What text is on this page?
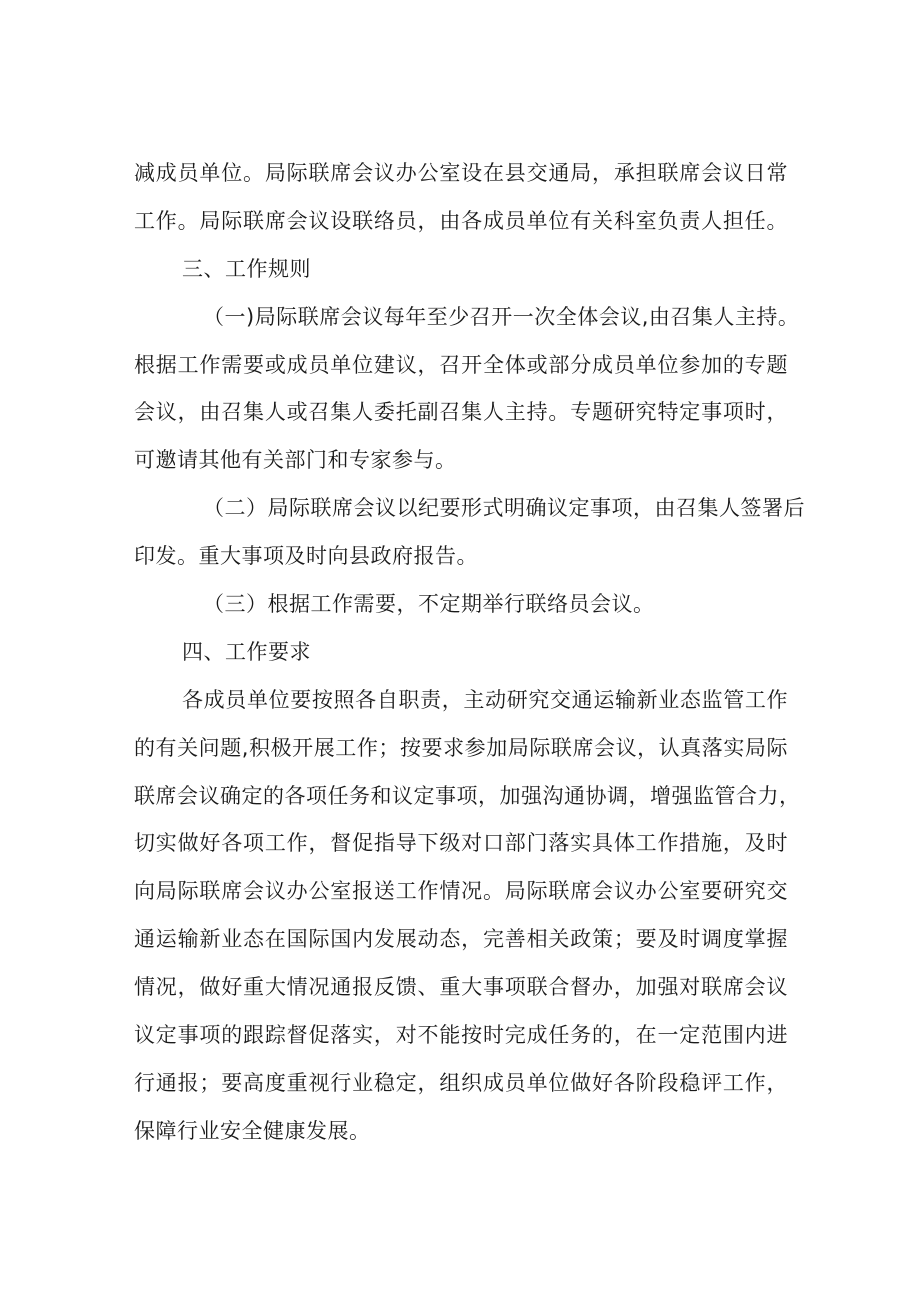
减成员单位。局际联席会议办公室设在县交通局，承担联席会议日常
工作。局际联席会议设联络员，由各成员单位有关科室负责人担任。
三、工作规则
（一)局际联席会议每年至少召开一次全体会议,由召集人主持。
根据工作需要或成员单位建议，召开全体或部分成员单位参加的专题
会议，由召集人或召集人委托副召集人主持。专题研究特定事项时，
可邀请其他有关部门和专家参与。
（二）局际联席会议以纪要形式明确议定事项，由召集人签署后
印发。重大事项及时向县政府报告。
（三）根据工作需要，不定期举行联络员会议。
四、工作要求
各成员单位要按照各自职责，主动研究交通运输新业态监管工作
的有关问题,积极开展工作；按要求参加局际联席会议，认真落实局际
联席会议确定的各项任务和议定事项，加强沟通协调，增强监管合力，
切实做好各项工作，督促指导下级对口部门落实具体工作措施，及时
向局际联席会议办公室报送工作情况。局际联席会议办公室要研究交
通运输新业态在国际国内发展动态，完善相关政策；要及时调度掌握
情况，做好重大情况通报反馈、重大事项联合督办，加强对联席会议
议定事项的跟踪督促落实，对不能按时完成任务的，在一定范围内进
行通报；要高度重视行业稳定，组织成员单位做好各阶段稳评工作，
保障行业安全健康发展。
